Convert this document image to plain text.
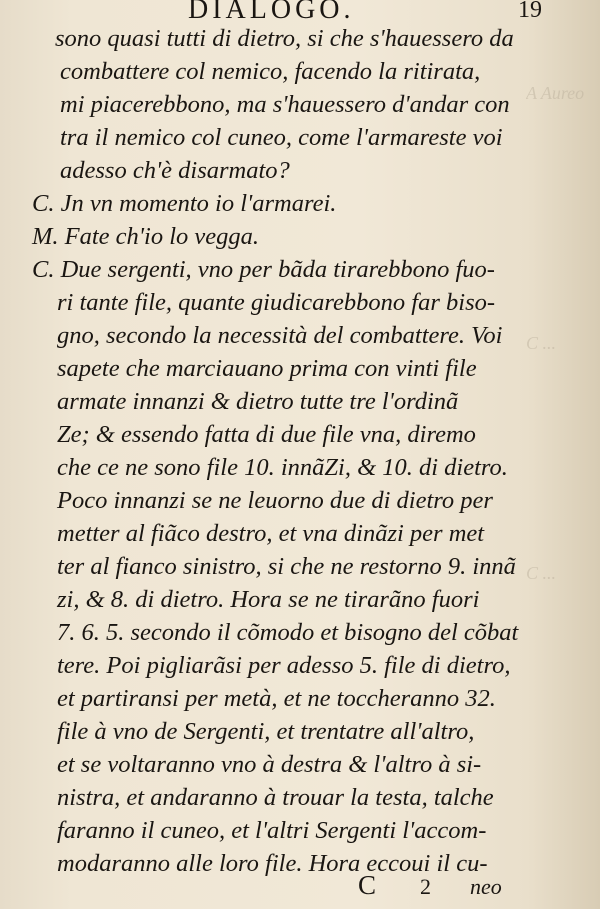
A Aureo
C ...
C ...
DIALOGO.	19
sono quasi tutti di dietro, si che s'hauessero da
combattere col nemico, facendo la ritirata,
mi piacerebbono, ma s'hauessero d'andar con
tra il nemico col cuneo, come l'armareste voi
adesso ch'è disarmato?
C. Jn vn momento io l'armarei.
M. Fate ch'io lo vegga.
C. Due sergenti, vno per bãda tirarebbono fuo-
ri tante file, quante giudicarebbono far biso-
gno, secondo la necessità del combattere. Voi
sapete che marciauano prima con vinti file
armate innanzi & dietro tutte tre l'ordinã
Ze; & essendo fatta di due file vna, diremo
che ce ne sono file 10. innãZi, & 10. di dietro.
Poco innanzi se ne leuorno due di dietro per
metter al fiãco destro, et vna dinãzi per met
ter al fianco sinistro, si che ne restorno 9. innã
zi, & 8. di dietro. Hora se ne tirarãno fuori
7. 6. 5. secondo il cõmodo et bisogno del cõbat
tere. Poi pigliarãsi per adesso 5. file di dietro,
et partiransi per metà, et ne toccheranno 32.
file à vno de Sergenti, et trentatre all'altro,
et se voltaranno vno à destra & l'altro à si-
nistra, et andaranno à trouar la testa, talche
faranno il cuneo, et l'altri Sergenti l'accom-
modaranno alle loro file. Hora eccoui il cu-
C 2 neo
